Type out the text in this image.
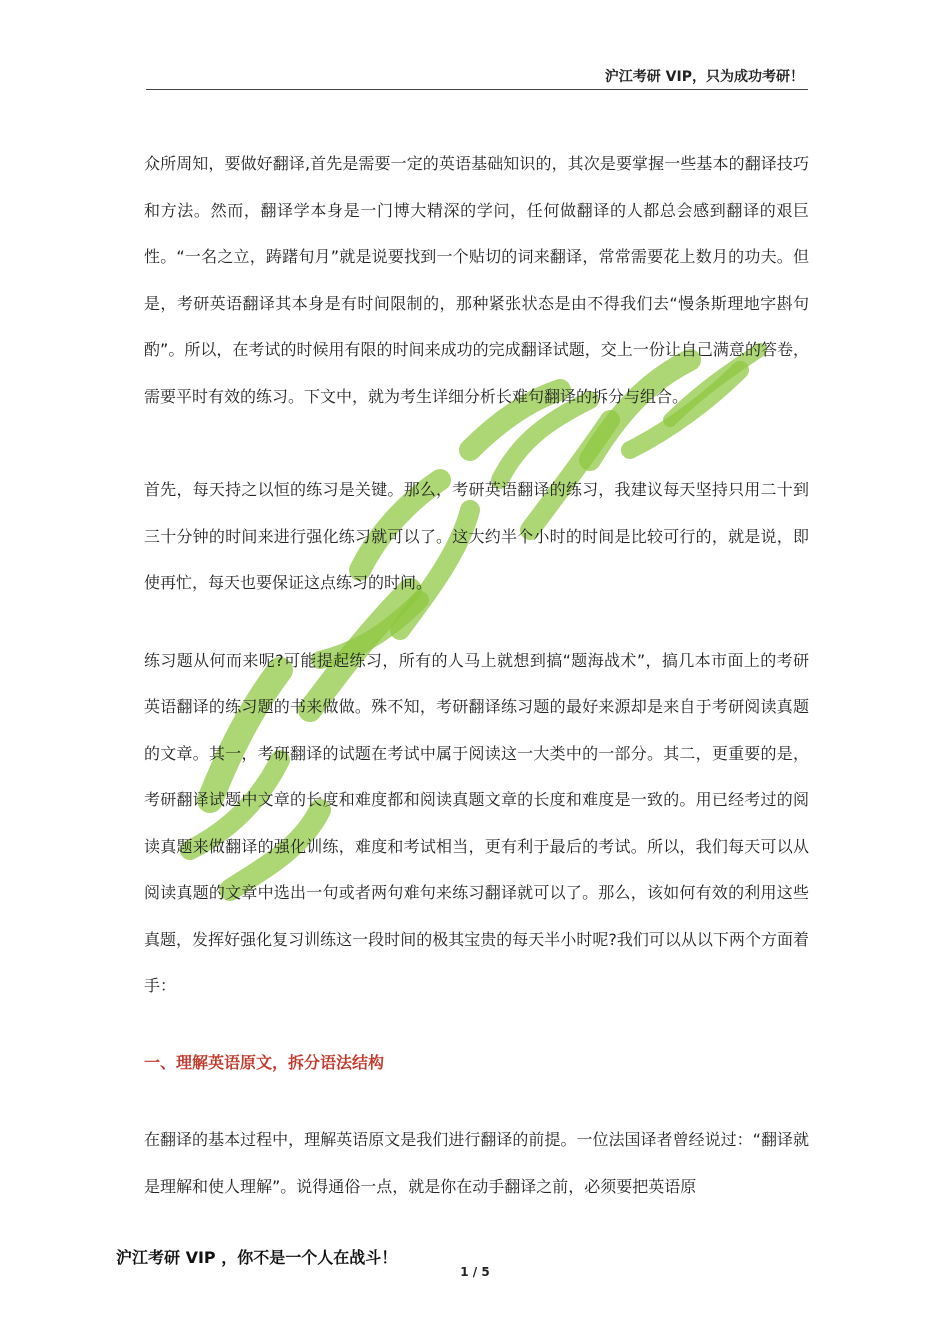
沪江考研 VIP，只为成功考研！

众所周知，要做好翻译,首先是需要一定的英语基础知识的，其次是要掌握一些基本的翻译技巧和方法。然而，翻译学本身是一门博大精深的学问，任何做翻译的人都总会感到翻译的艰巨性。“一名之立，踌躇旬月”就是说要找到一个贴切的词来翻译，常常需要花上数月的功夫。但是，考研英语翻译其本身是有时间限制的，那种紧张状态是由不得我们去“慢条斯理地字斟句酌”。所以，在考试的时候用有限的时间来成功的完成翻译试题，交上一份让自己满意的答卷，需要平时有效的练习。下文中，就为考生详细分析长难句翻译的拆分与组合。

首先，每天持之以恒的练习是关键。那么，考研英语翻译的练习，我建议每天坚持只用二十到三十分钟的时间来进行强化练习就可以了。这大约半个小时的时间是比较可行的，就是说，即使再忙，每天也要保证这点练习的时间。

练习题从何而来呢?可能提起练习，所有的人马上就想到搞“题海战术”，搞几本市面上的考研英语翻译的练习题的书来做做。殊不知，考研翻译练习题的最好来源却是来自于考研阅读真题的文章。其一，考研翻译的试题在考试中属于阅读这一大类中的一部分。其二，更重要的是，考研翻译试题中文章的长度和难度都和阅读真题文章的长度和难度是一致的。用已经考过的阅读真题来做翻译的强化训练，难度和考试相当，更有利于最后的考试。所以，我们每天可以从阅读真题的文章中选出一句或者两句难句来练习翻译就可以了。那么，该如何有效的利用这些真题，发挥好强化复习训练这一段时间的极其宝贵的每天半小时呢?我们可以从以下两个方面着手：

一、理解英语原文，拆分语法结构

在翻译的基本过程中，理解英语原文是我们进行翻译的前提。一位法国译者曾经说过：“翻译就是理解和使人理解”。说得通俗一点，就是你在动手翻译之前，必须要把英语原

沪江考研 VIP ，你不是一个人在战斗！
1 / 5
